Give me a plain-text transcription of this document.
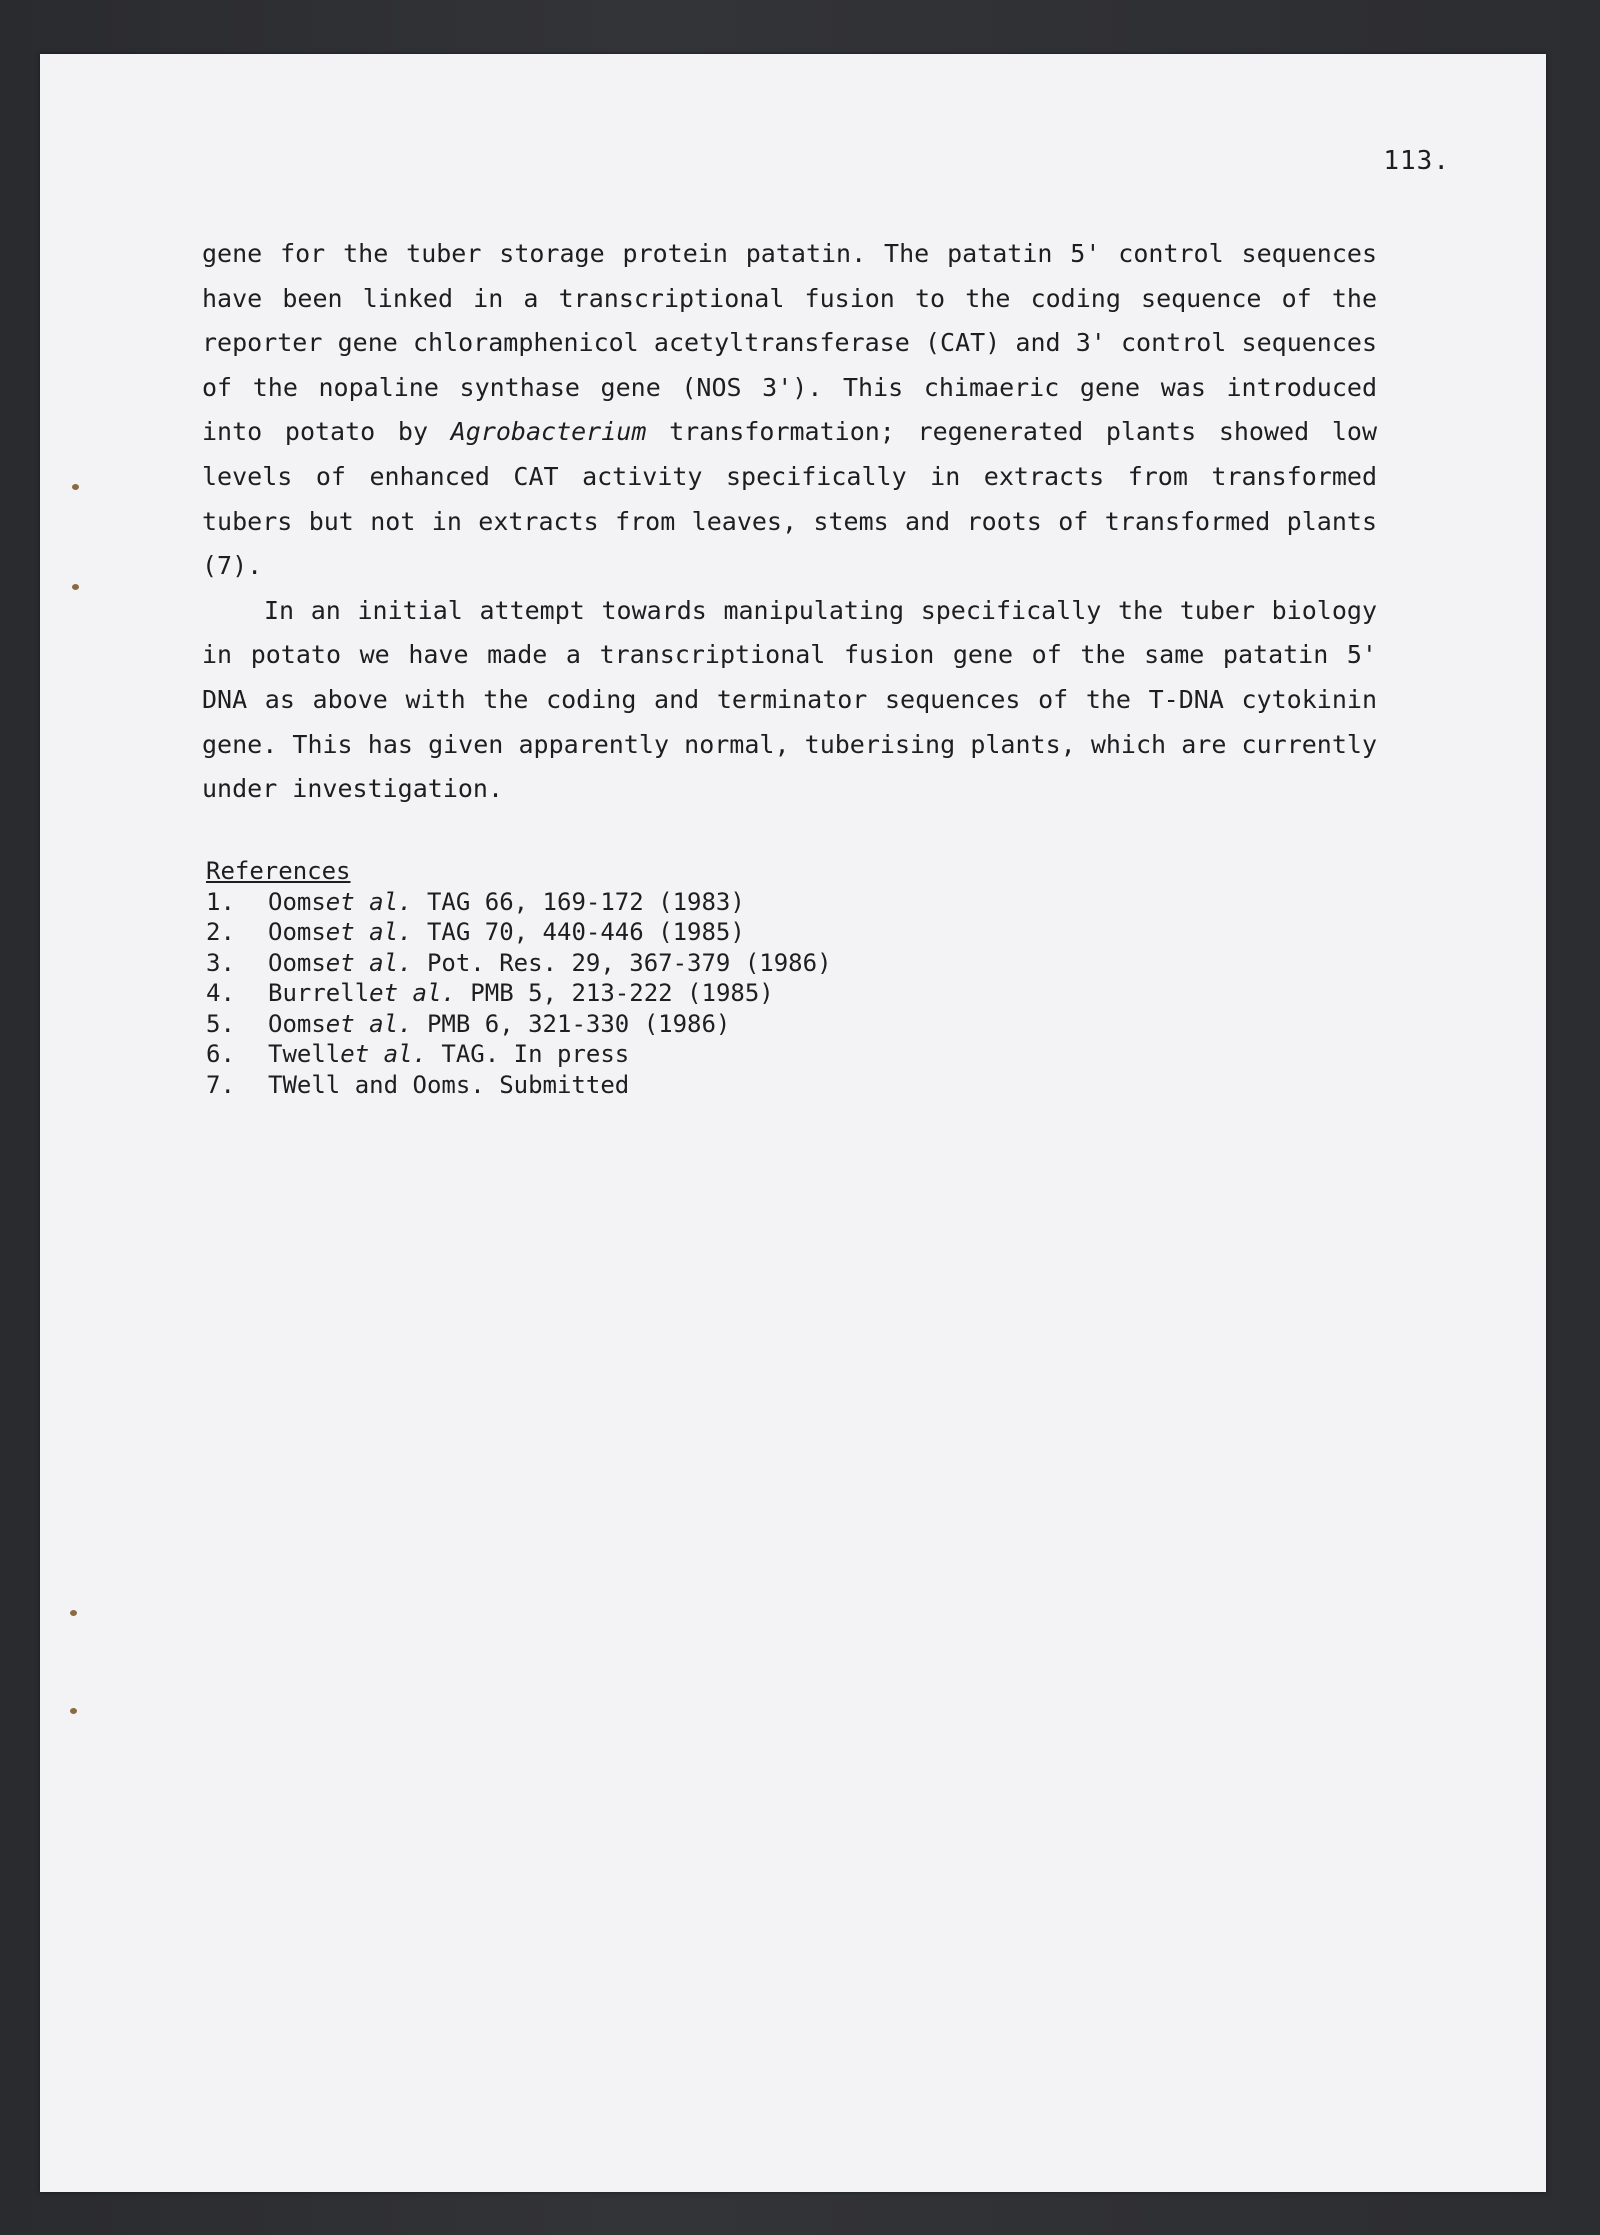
113.

gene for the tuber storage protein patatin. The patatin 5' control sequences have been linked in a transcriptional fusion to the coding sequence of the reporter gene chloramphenicol acetyltransferase (CAT) and 3' control sequences of the nopaline synthase gene (NOS 3'). This chimaeric gene was introduced into potato by Agrobacterium transformation; regenerated plants showed low levels of enhanced CAT activity specifically in extracts from transformed tubers but not in extracts from leaves, stems and roots of transformed plants (7).

In an initial attempt towards manipulating specifically the tuber biology in potato we have made a transcriptional fusion gene of the same patatin 5' DNA as above with the coding and terminator sequences of the T-DNA cytokinin gene. This has given apparently normal, tuberising plants, which are currently under investigation.

References
1.	Ooms et al. TAG 66, 169-172 (1983)
2.	Ooms et al. TAG 70, 440-446 (1985)
3.	Ooms et al. Pot. Res. 29, 367-379 (1986)
4.	Burrell et al. PMB 5, 213-222 (1985)
5.	Ooms et al. PMB 6, 321-330 (1986)
6.	Twell et al. TAG. In press
7.	TWell and Ooms. Submitted
